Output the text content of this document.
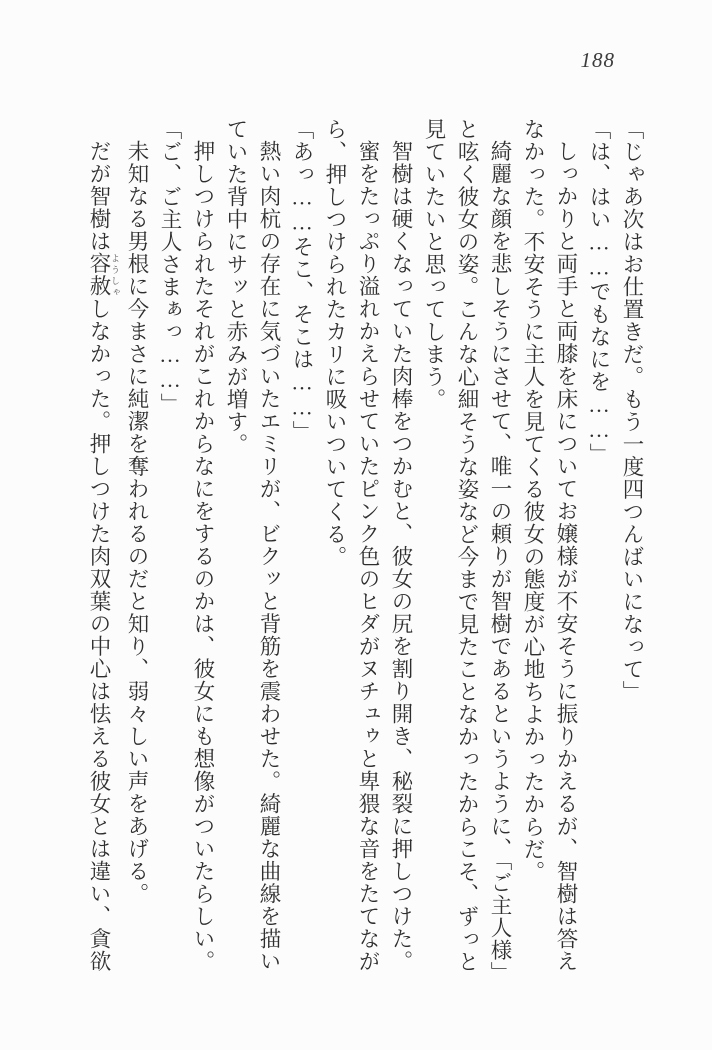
188

「じゃあ次はお仕置きだ。もう一度四つんばいになって」

「は、はい……でもなにを……」

しっかりと両手と両膝を床についてお嬢様が不安そうに振りかえるが、智樹は答え

なかった。不安そうに主人を見てくる彼女の態度が心地ちよかったからだ。

綺麗な顔を悲しそうにさせて、唯一の頼りが智樹であるというように、「ご主人様」

と呟く彼女の姿。こんな心細そうな姿など今まで見たことなかったからこそ、ずっと

見ていたいと思ってしまう。

智樹は硬くなっていた肉棒をつかむと、彼女の尻を割り開き、秘裂に押しつけた。

蜜をたっぷり溢れかえらせていたピンク色のヒダがヌチュゥと卑猥な音をたてなが

ら、押しつけられたカリに吸いついてくる。

「あっ……そこ、そこは……」

熱い肉杭の存在に気づいたエミリが、ビクッと背筋を震わせた。綺麗な曲線を描い

ていた背中にサッと赤みが増す。

押しつけられたそれがこれからなにをするのかは、彼女にも想像がついたらしい。

「ご、ご主人さまぁっ……」

未知なる男根に今まさに純潔を奪われるのだと知り、弱々しい声をあげる。

だが智樹は容赦 ようしゃしなかった。押しつけた肉双葉の中心は怯える彼女とは違い、貪欲
